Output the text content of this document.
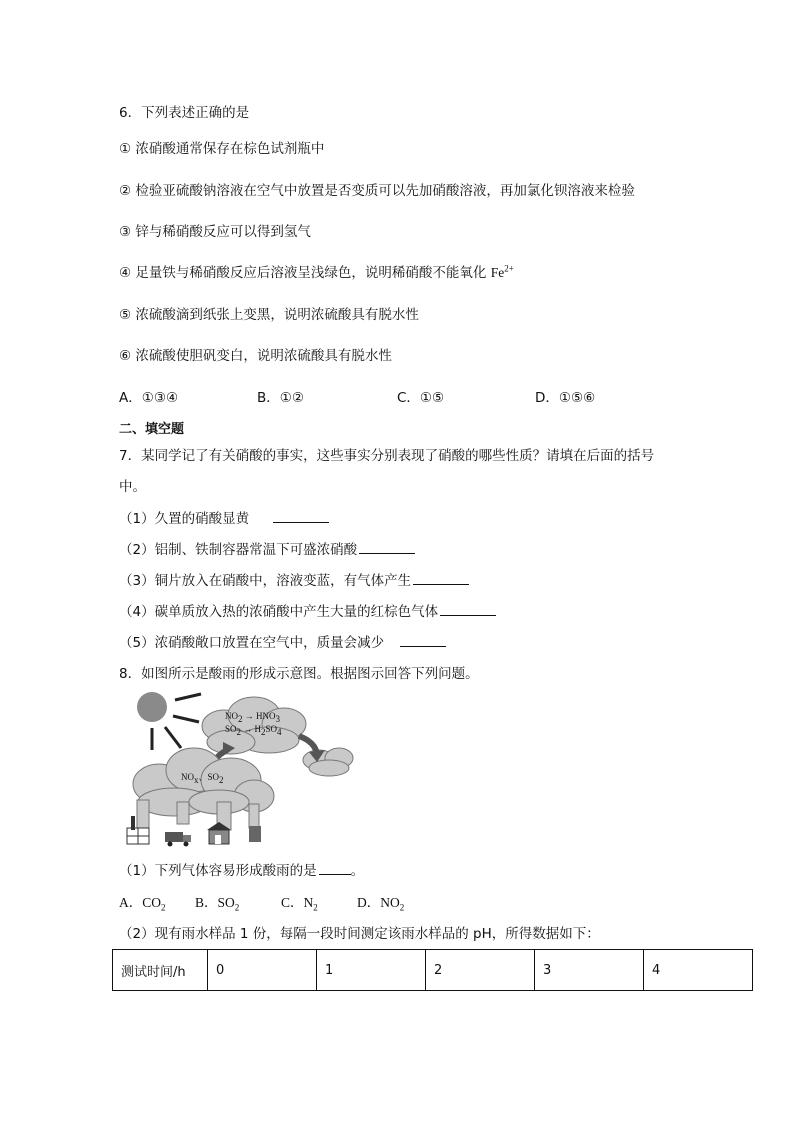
6．下列表述正确的是
① 浓硝酸通常保存在棕色试剂瓶中
② 检验亚硫酸钠溶液在空气中放置是否变质可以先加硝酸溶液，再加氯化钡溶液来检验
③ 锌与稀硝酸反应可以得到氢气
④ 足量铁与稀硝酸反应后溶液呈浅绿色，说明稀硝酸不能氧化 $Fe^{2+}$
⑤ 浓硫酸滴到纸张上变黑，说明浓硫酸具有脱水性
⑥ 浓硫酸使胆矾变白，说明浓硫酸具有脱水性
A．①③④	B．①②	C．①⑤	D．①⑤⑥
二、填空题
7．某同学记了有关硝酸的事实，这些事实分别表现了硝酸的哪些性质？请填在后面的括号
中。
（1）久置的硝酸显黄
（2）铝制、铁制容器常温下可盛浓硝酸
（3）铜片放入在硝酸中，溶液变蓝，有气体产生
（4）碳单质放入热的浓硝酸中产生大量的红棕色气体
（5）浓硝酸敞口放置在空气中，质量会减少
8．如图所示是酸雨的形成示意图。根据图示回答下列问题。
$NO_2 \to HNO_3$
$SO_2 \to H_2SO_4$
$NO_x$、$SO_2$
（1）下列气体容易形成酸雨的是	。
A．$CO_2$ B．$SO_2$	C．$N_2$	D．$NO_2$
（2）现有雨水样品 1 份，每隔一段时间测定该雨水样品的 pH，所得数据如下：
测试时间/h	0	1	2	3	4
